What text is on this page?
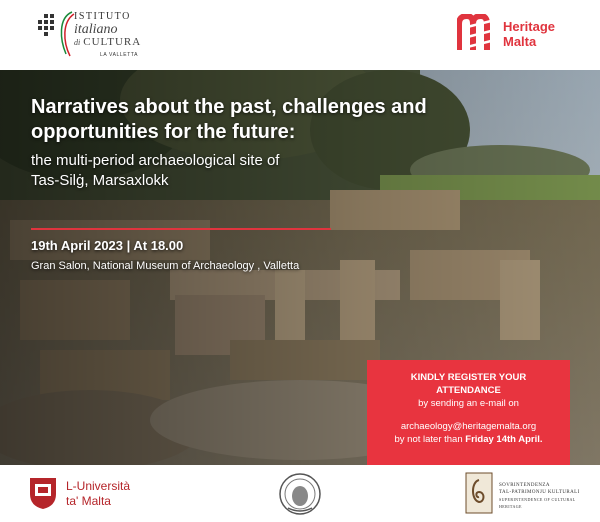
ISTITUTO
italiano
di CULTURA
LA VALLETTA
Heritage
Malta
Narratives about the past, challenges and
opportunities for the future:
the multi-period archaeological site of
Tas-Silġ, Marsaxlokk
19th April 2023 | At 18.00
Gran Salon, National Museum of Archaeology , Valletta
KINDLY REGISTER YOUR
ATTENDANCE
by sending an e-mail on
archaeology@heritagemalta.org
by not later than Friday 14th April.
L-Università
ta' Malta
SOVRINTENDENZA
TAL-PATRIMONJU KULTURALI
SUPERINTENDENCE OF CULTURAL HERITAGE
